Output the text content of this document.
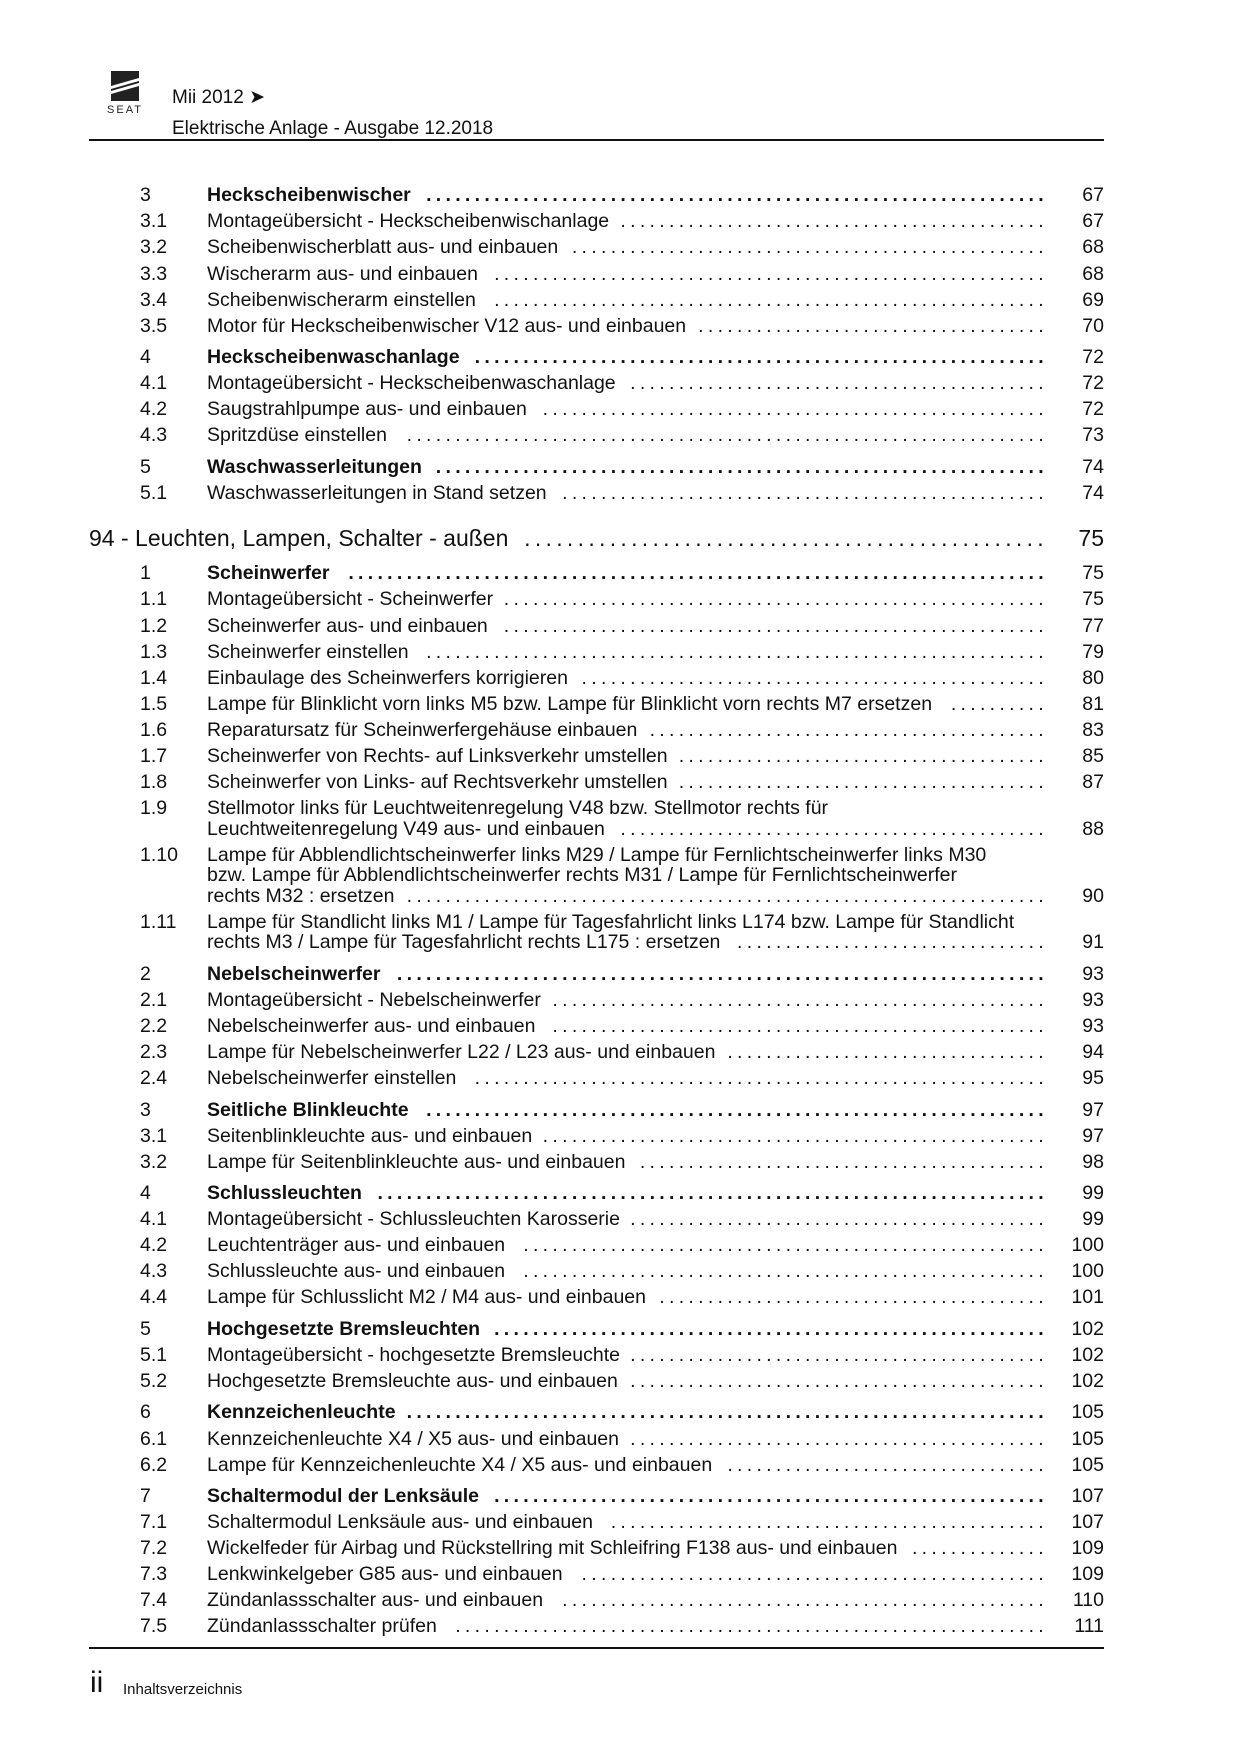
SEAT
Mii 2012 ➤
Elektrische Anlage - Ausgabe 12.2018
3	Heckscheibenwischer ................................................................	67
3.1	Montageübersicht - Heckscheibenwischanlage ............................................	67
3.2	Scheibenwischerblatt aus- und einbauen .................................................	68
3.3	Wischerarm aus- und einbauen .........................................................	68
3.4	Scheibenwischerarm einstellen .........................................................	69
3.5	Motor für Heckscheibenwischer V12 aus- und einbauen ....................................	70
4	Heckscheibenwaschanlage ...........................................................	72
4.1	Montageübersicht - Heckscheibenwaschanlage ...........................................	72
4.2	Saugstrahlpumpe aus- und einbauen ....................................................	72
4.3	Spritzdüse einstellen	..................................................................	73
5	Waschwasserleitungen ...............................................................	74
5.1	Waschwasserleitungen in Stand setzen ..................................................	74
94 - Leuchten, Lampen, Schalter - außen .................................................	75
1	Scheinwerfer ........................................................................	75
1.1	Montageübersicht - Scheinwerfer ........................................................	75
1.2	Scheinwerfer aus- und einbauen ........................................................	77
1.3	Scheinwerfer einstellen ................................................................	79
1.4	Einbaulage des Scheinwerfers korrigieren ................................................	80
1.5	Lampe für Blinklicht vorn links M5 bzw. Lampe für Blinklicht vorn rechts M7 ersetzen ..........	81
1.6	Reparatursatz für Scheinwerfergehäuse einbauen .........................................	83
1.7	Scheinwerfer von Rechts- auf Linksverkehr umstellen ......................................	85
1.8	Scheinwerfer von Links- auf Rechtsverkehr umstellen ......................................	87
1.9	Stellmotor links für Leuchtweitenregelung V48 bzw. Stellmotor rechts für
Leuchtweitenregelung V49 aus- und einbauen ............................................	88
1.10	Lampe für Abblendlichtscheinwerfer links M29 / Lampe für Fernlichtscheinwerfer links M30
bzw. Lampe für Abblendlichtscheinwerfer rechts M31 / Lampe für Fernlichtscheinwerfer
rechts M32 : ersetzen ..................................................................	90
1.11	Lampe für Standlicht links M1 / Lampe für Tagesfahrlicht links L174 bzw. Lampe für Standlicht
rechts M3 / Lampe für Tagesfahrlicht rechts L175 : ersetzen ................................	91
2	Nebelscheinwerfer ...................................................................	93
2.1	Montageübersicht - Nebelscheinwerfer ...................................................	93
2.2	Nebelscheinwerfer aus- und einbauen ...................................................	93
2.3	Lampe für Nebelscheinwerfer L22 / L23 aus- und einbauen .................................	94
2.4	Nebelscheinwerfer einstellen ...........................................................	95
3	Seitliche Blinkleuchte ................................................................	97
3.1	Seitenblinkleuchte aus- und einbauen ....................................................	97
3.2	Lampe für Seitenblinkleuchte aus- und einbauen ..........................................	98
4	Schlussleuchten .....................................................................	99
4.1	Montageübersicht - Schlussleuchten Karosserie ...........................................	99
4.2	Leuchtenträger aus- und einbauen ......................................................	100
4.3	Schlussleuchte aus- und einbauen ......................................................	100
4.4	Lampe für Schlusslicht M2 / M4 aus- und einbauen ........................................	101
5	Hochgesetzte Bremsleuchten .........................................................	102
5.1	Montageübersicht - hochgesetzte Bremsleuchte ...........................................	102
5.2	Hochgesetzte Bremsleuchte aus- und einbauen ...........................................	102
6	Kennzeichenleuchte ..................................................................	105
6.1	Kennzeichenleuchte X4 / X5 aus- und einbauen ...........................................	105
6.2	Lampe für Kennzeichenleuchte X4 / X5 aus- und einbauen .................................	105
7	Schaltermodul der Lenksäule .........................................................	107
7.1	Schaltermodul Lenksäule aus- und einbauen .............................................	107
7.2	Wickelfeder für Airbag und Rückstellring mit Schleifring F138 aus- und einbauen ..............	109
7.3	Lenkwinkelgeber G85 aus- und einbauen ................................................	109
7.4	Zündanlassschalter aus- und einbauen ..................................................	110
7.5	Zündanlassschalter prüfen .............................................................	111
ii Inhaltsverzeichnis
